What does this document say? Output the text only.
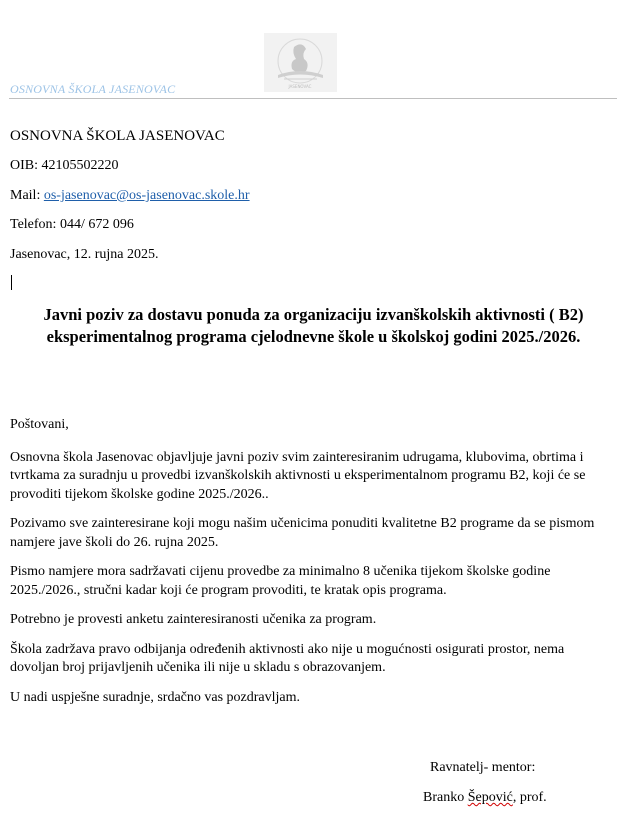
JASENOVAC
OSNOVNA ŠKOLA JASENOVAC
OSNOVNA ŠKOLA JASENOVAC
OIB: 42105502220
Mail: os-jasenovac@os-jasenovac.skole.hr
Telefon: 044/ 672 096
Jasenovac, 12. rujna 2025.
Javni poziv za dostavu ponuda za organizaciju izvanškolskih aktivnosti ( B2) eksperimentalnog programa cjelodnevne škole u školskoj godini 2025./2026.

Poštovani,

Osnovna škola Jasenovac objavljuje javni poziv svim zainteresiranim udrugama, klubovima, obrtima i tvrtkama za suradnju u provedbi izvanškolskih aktivnosti u eksperimentalnom programu B2, koji će se provoditi tijekom školske godine 2025./2026..

Pozivamo sve zainteresirane koji mogu našim učenicima ponuditi kvalitetne B2 programe da se pismom namjere jave školi do 26. rujna 2025.

Pismo namjere mora sadržavati cijenu provedbe za minimalno 8 učenika tijekom školske godine 2025./2026., stručni kadar koji će program provoditi, te kratak opis programa.

Potrebno je provesti anketu zainteresiranosti učenika za program.

Škola zadržava pravo odbijanja određenih aktivnosti ako nije u mogućnosti osigurati prostor, nema dovoljan broj prijavljenih učenika ili nije u skladu s obrazovanjem.

U nadi uspješne suradnje, srdačno vas pozdravljam.

Ravnatelj- mentor:
Branko Šepović, prof.
